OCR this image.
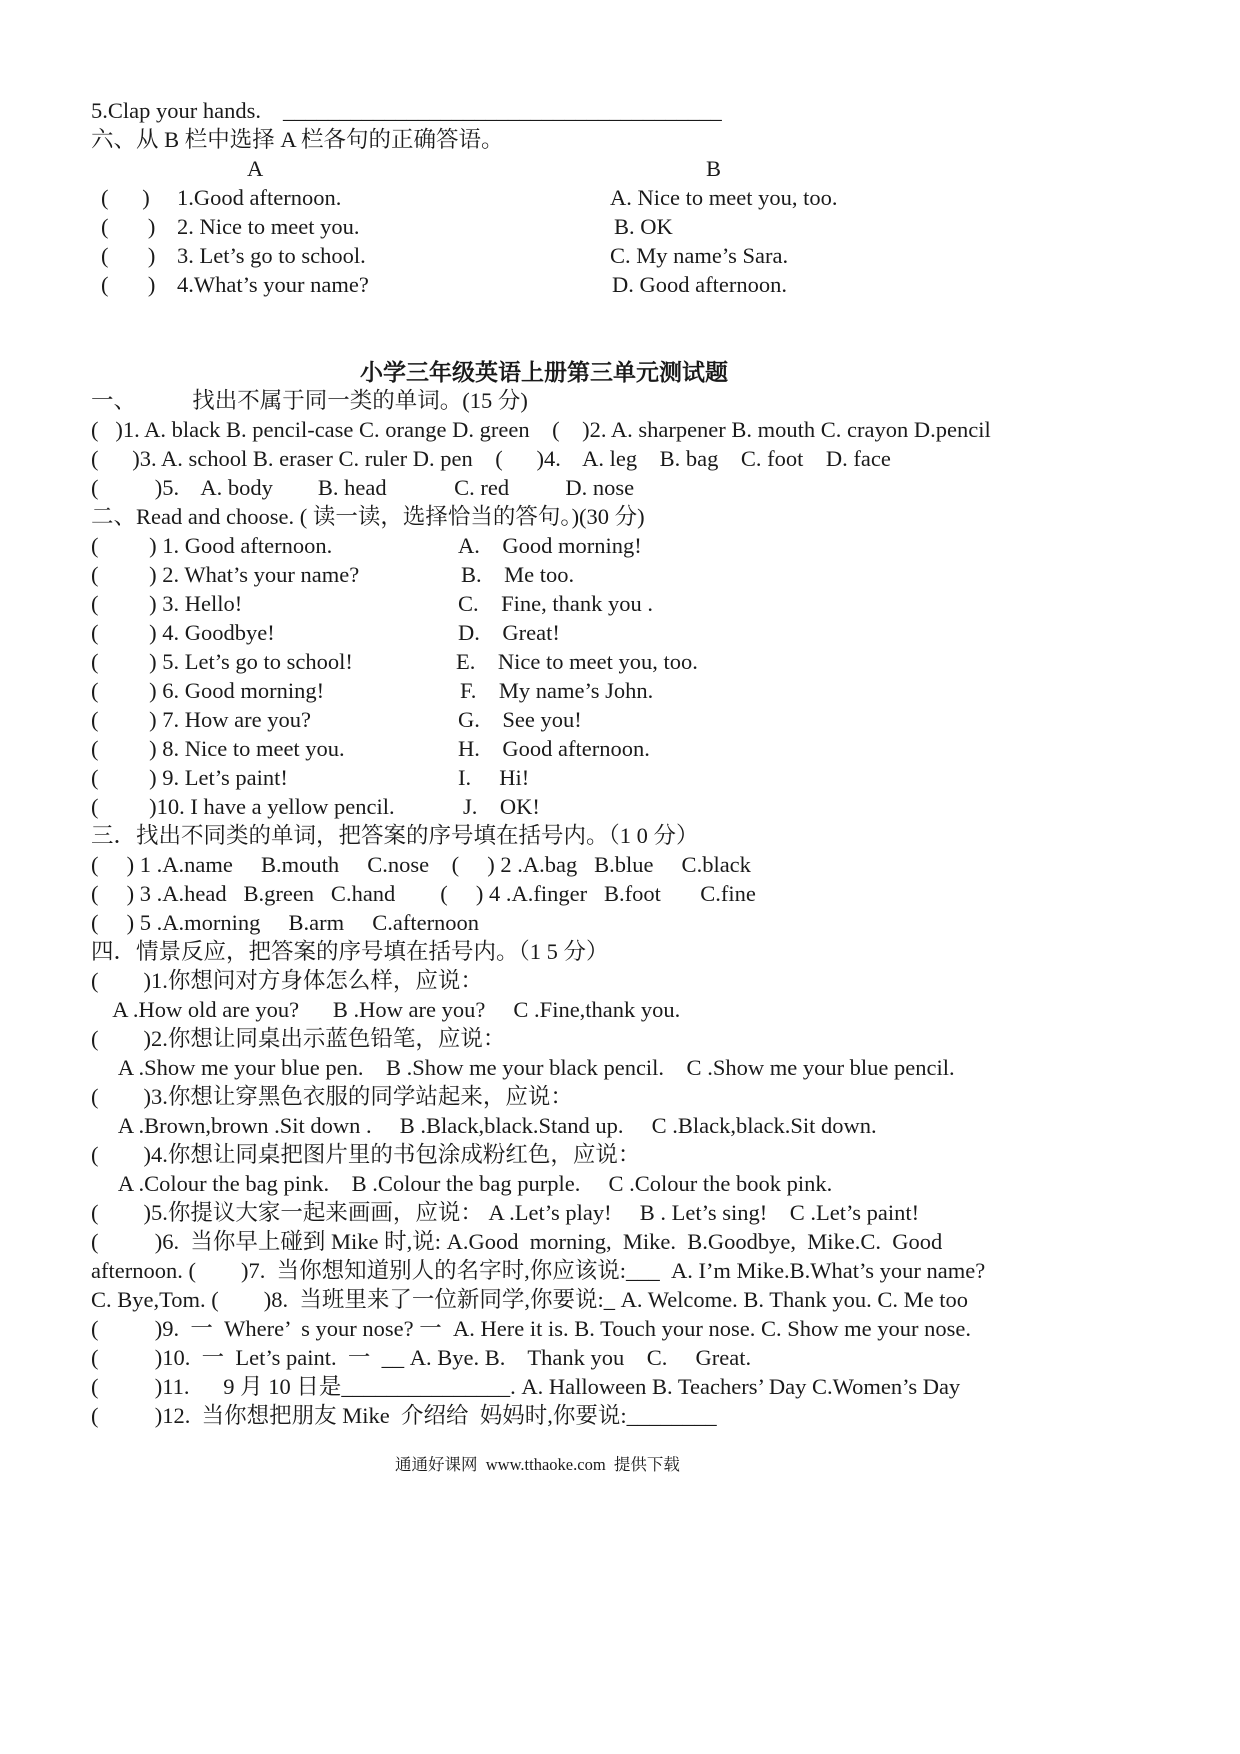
5.Clap your hands. _______________________________________
六、从 B 栏中选择 A 栏各句的正确答语。
A	B
(      ) 1.Good afternoon.	A. Nice to meet you, too.
(       ) 2. Nice to meet you.	B. OK
(       ) 3. Let’s go to school.	C. My name’s Sara.
(       ) 4.What’s your name?	D. Good afternoon.
小学三年级英语上册第三单元测试题
一、          找出不属于同一类的单词。(15 分)
(   )1. A. black B. pencil-case C. orange D. green    (    )2. A. sharpener B. mouth C. crayon D.pencil
(      )3. A. school B. eraser C. ruler D. pen    (      )4.    A. leg    B. bag    C. foot    D. face
(          )5.    A. body        B. head            C. red          D. nose
二、Read and choose. ( 读一读，选择恰当的答句。)(30 分)
(         ) 1. Good afternoon.	A.    Good morning!
(         ) 2. What’s your name?	B.    Me too.
(         ) 3. Hello!	C.    Fine, thank you .
(         ) 4. Goodbye!	D.    Great!
(         ) 5. Let’s go to school!	E.    Nice to meet you, too.
(         ) 6. Good morning!	F.    My name’s John.
(         ) 7. How are you?	G.    See you!
(         ) 8. Nice to meet you.	H.    Good afternoon.
(         ) 9. Let’s paint!	I.     Hi!
(         )10. I have a yellow pencil.	J.    OK!
三．找出不同类的单词，把答案的序号填在括号内。（1 0 分）
(     ) 1 .A.name     B.mouth     C.nose    (     ) 2 .A.bag   B.blue     C.black
(     ) 3 .A.head   B.green   C.hand        (     ) 4 .A.finger   B.foot       C.fine
(     ) 5 .A.morning     B.arm     C.afternoon
四．情景反应，把答案的序号填在括号内。（1 5 分）
(        )1.你想问对方身体怎么样，应说：
A .How old are you?      B .How are you?     C .Fine,thank you.
(        )2.你想让同桌出示蓝色铅笔，应说：
A .Show me your blue pen.    B .Show me your black pencil.    C .Show me your blue pencil.
(        )3.你想让穿黑色衣服的同学站起来，应说：
A .Brown,brown .Sit down .     B .Black,black.Stand up.     C .Black,black.Sit down.
(        )4.你想让同桌把图片里的书包涂成粉红色，应说：
A .Colour the bag pink.    B .Colour the bag purple.     C .Colour the book pink.
(        )5.你提议大家一起来画画，应说： A .Let’s play!     B . Let’s sing!    C .Let’s paint!
(          )6.  当你早上碰到 Mike 时,说: A.Good  morning,  Mike.  B.Goodbye,  Mike.C.  Good
afternoon. (        )7.  当你想知道别人的名字时,你应该说:___  A. I’m Mike.B.What’s your name?
C. Bye,Tom. (        )8.  当班里来了一位新同学,你要说:_ A. Welcome. B. Thank you. C. Me too
(          )9.  一  Where’  s your nose? 一  A. Here it is. B. Touch your nose. C. Show me your nose.
(          )10.  一  Let’s paint.  一  __ A. Bye. B.    Thank you    C.     Great.
(          )11.      9 月 10 日是_______________. A. Halloween B. Teachers’ Day C.Women’s Day
(          )12.  当你想把朋友 Mike  介绍给  妈妈时,你要说:________
通通好课网  www.tthaoke.com  提供下载
